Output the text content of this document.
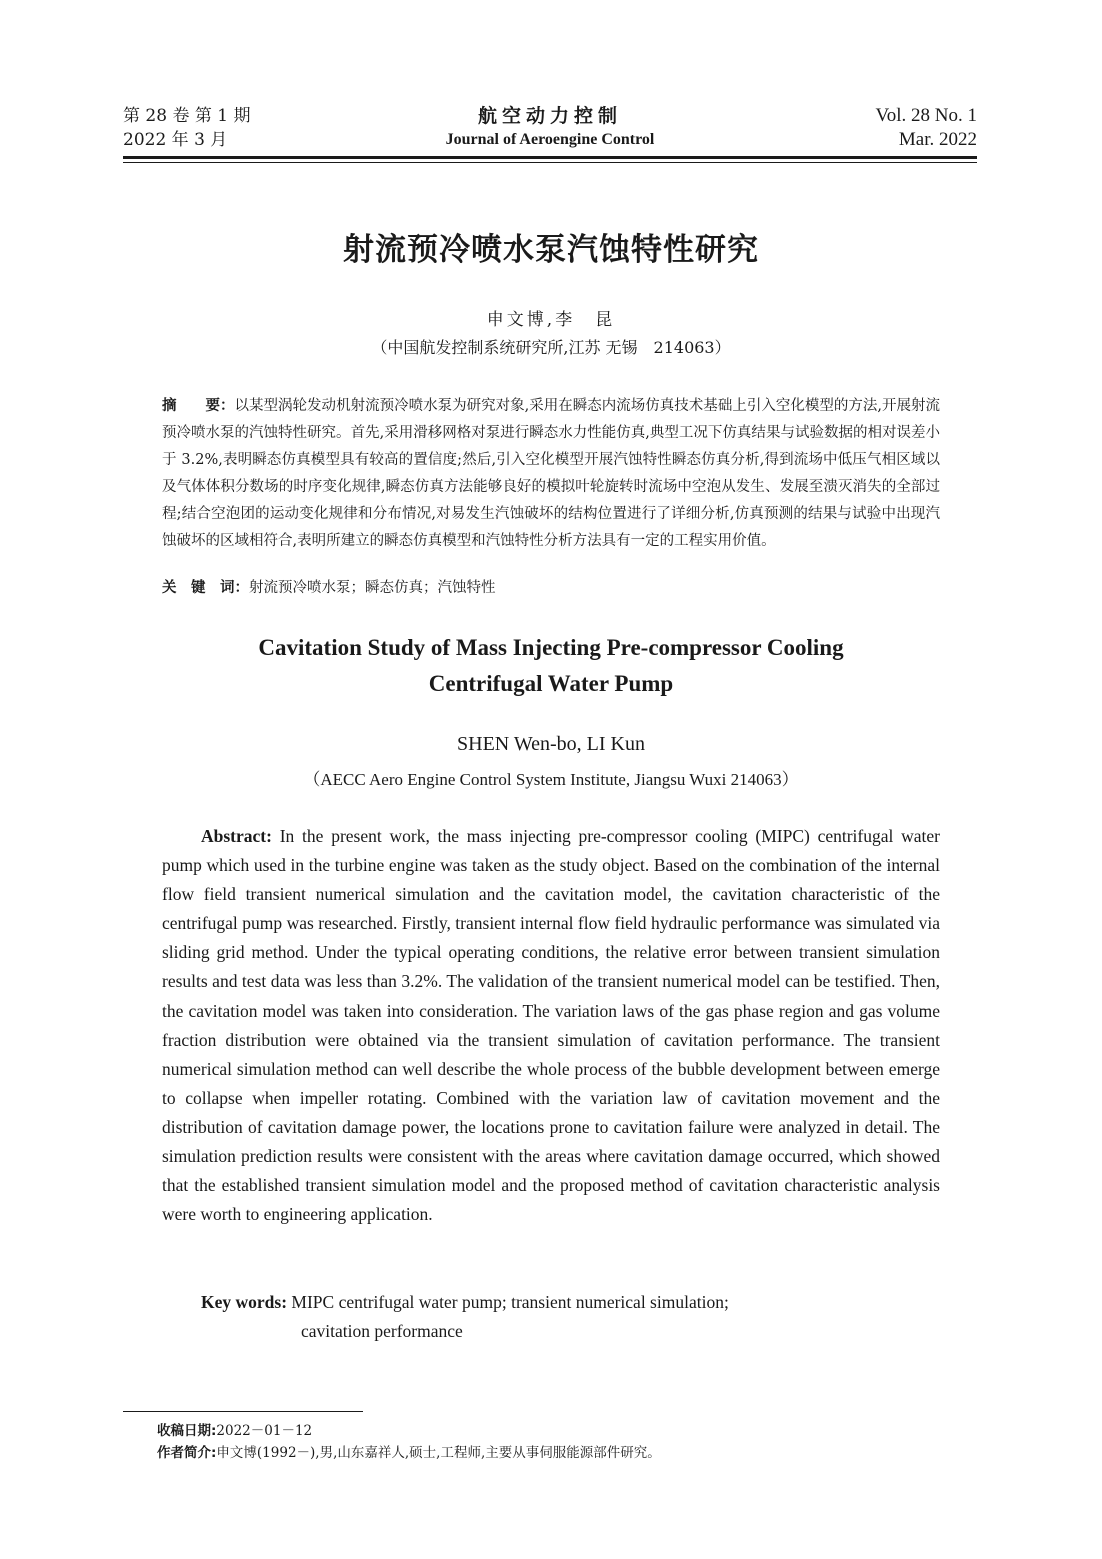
第 28 卷 第 1 期
2022 年 3 月
航空动力控制
Journal of Aeroengine Control
Vol. 28 No. 1
Mar. 2022
射流预冷喷水泵汽蚀特性研究
申文博,李　昆
（中国航发控制系统研究所,江苏 无锡　214063）
摘　　要：以某型涡轮发动机射流预冷喷水泵为研究对象,采用在瞬态内流场仿真技术基础上引入空化模型的方法,开展射流预冷喷水泵的汽蚀特性研究。首先,采用滑移网格对泵进行瞬态水力性能仿真,典型工况下仿真结果与试验数据的相对误差小于 3.2%,表明瞬态仿真模型具有较高的置信度;然后,引入空化模型开展汽蚀特性瞬态仿真分析,得到流场中低压气相区域以及气体体积分数场的时序变化规律,瞬态仿真方法能够良好的模拟叶轮旋转时流场中空泡从发生、发展至溃灭消失的全部过程;结合空泡团的运动变化规律和分布情况,对易发生汽蚀破坏的结构位置进行了详细分析,仿真预测的结果与试验中出现汽蚀破坏的区域相符合,表明所建立的瞬态仿真模型和汽蚀特性分析方法具有一定的工程实用价值。
关　键　词：射流预冷喷水泵；瞬态仿真；汽蚀特性
Cavitation Study of Mass Injecting Pre-compressor Cooling
Centrifugal Water Pump
SHEN Wen-bo, LI Kun
（AECC Aero Engine Control System Institute, Jiangsu Wuxi 214063）
Abstract: In the present work, the mass injecting pre-compressor cooling (MIPC) centrifugal water pump which used in the turbine engine was taken as the study object. Based on the combination of the internal flow field transient numerical simulation and the cavitation model, the cavitation characteristic of the centrifugal pump was researched. Firstly, transient internal flow field hydraulic performance was simulated via sliding grid method. Under the typical operating conditions, the relative error between transient simulation results and test data was less than 3.2%. The validation of the transient numerical model can be testified. Then, the cavitation model was taken into consideration. The variation laws of the gas phase region and gas volume fraction distribution were obtained via the transient simulation of cavitation performance. The transient numerical simulation method can well describe the whole process of the bubble development between emerge to collapse when impeller rotating. Combined with the variation law of cavitation movement and the distribution of cavitation damage power, the locations prone to cavitation failure were analyzed in detail. The simulation prediction results were consistent with the areas where cavitation damage occurred, which showed that the established transient simulation model and the proposed method of cavitation characteristic analysis were worth to engineering application.
Key words: MIPC centrifugal water pump; transient numerical simulation;
cavitation performance
收稿日期:2022－01－12
作者简介:申文博(1992－),男,山东嘉祥人,硕士,工程师,主要从事伺服能源部件研究。
